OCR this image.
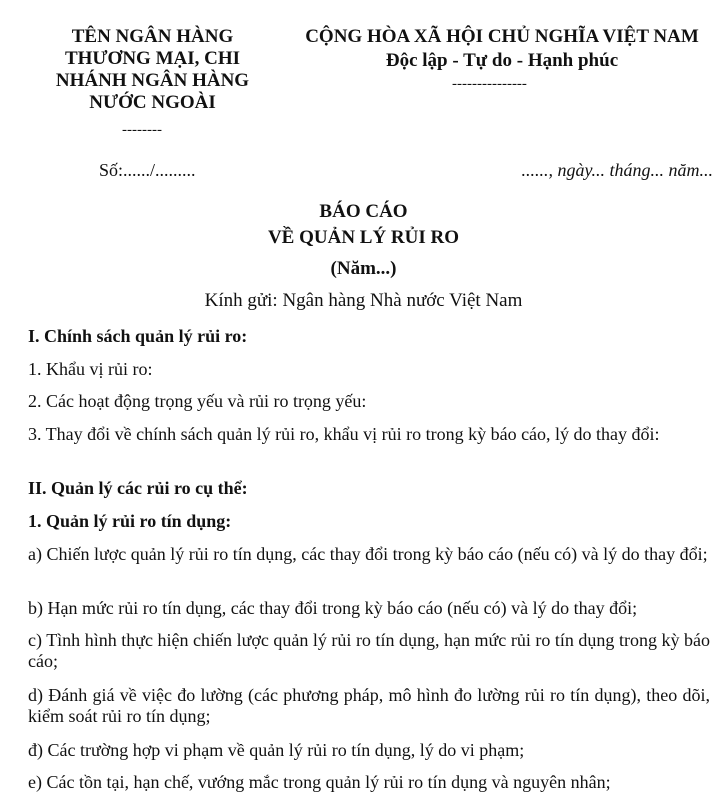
TÊN NGÂN HÀNG
THƯƠNG MẠI, CHI
NHÁNH NGÂN HÀNG
NƯỚC NGOÀI
--------
CỘNG HÒA XÃ HỘI CHỦ NGHĨA VIỆT NAM
Độc lập - Tự do - Hạnh phúc
---------------
Số:....../.........	......, ngày... tháng... năm...
BÁO CÁO
VỀ QUẢN LÝ RỦI RO
(Năm...)
Kính gửi: Ngân hàng Nhà nước Việt Nam
I. Chính sách quản lý rủi ro:
1. Khẩu vị rủi ro:
2. Các hoạt động trọng yếu và rủi ro trọng yếu:
3. Thay đổi về chính sách quản lý rủi ro, khẩu vị rủi ro trong kỳ báo cáo, lý do thay đổi:
II. Quản lý các rủi ro cụ thể:
1. Quản lý rủi ro tín dụng:
a) Chiến lược quản lý rủi ro tín dụng, các thay đổi trong kỳ báo cáo (nếu có) và lý do thay đổi;
b) Hạn mức rủi ro tín dụng, các thay đổi trong kỳ báo cáo (nếu có) và lý do thay đổi;
c) Tình hình thực hiện chiến lược quản lý rủi ro tín dụng, hạn mức rủi ro tín dụng trong kỳ báo cáo;
d) Đánh giá về việc đo lường (các phương pháp, mô hình đo lường rủi ro tín dụng), theo dõi, kiểm soát rủi ro tín dụng;
đ) Các trường hợp vi phạm về quản lý rủi ro tín dụng, lý do vi phạm;
e) Các tồn tại, hạn chế, vướng mắc trong quản lý rủi ro tín dụng và nguyên nhân;
